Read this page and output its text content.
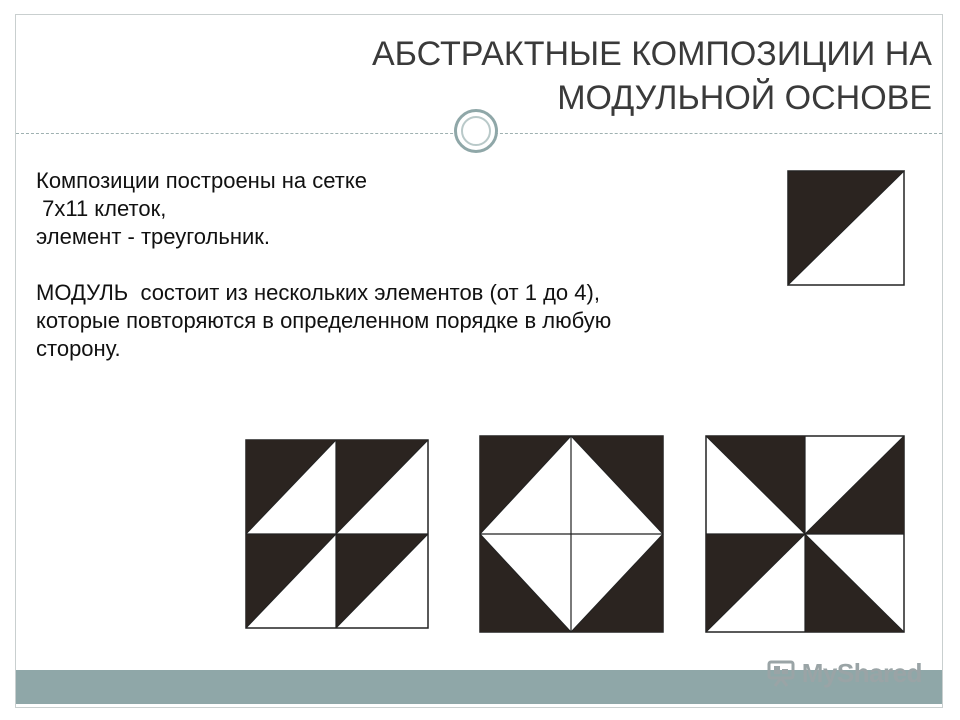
АБСТРАКТНЫЕ КОМПОЗИЦИИ НА
МОДУЛЬНОЙ ОСНОВЕ

Композиции построены на сетке

7х11 клеток,

элемент - треугольник.

МОДУЛЬ  состоит из нескольких элементов (от 1 до 4),

которые повторяются в определенном порядке в любую

сторону.

MyShared
